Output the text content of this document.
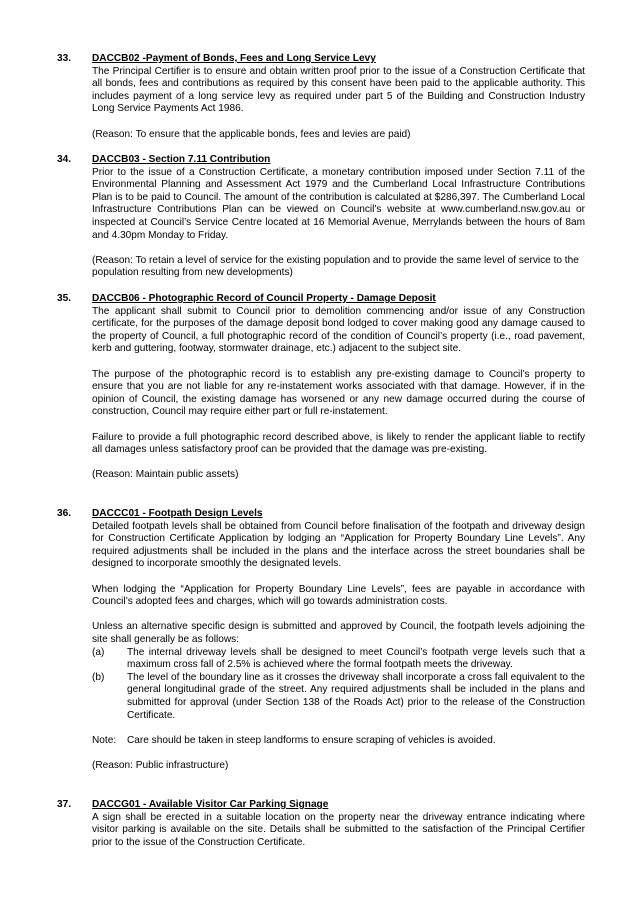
33.	DACCB02 -Payment of Bonds, Fees and Long Service Levy

The Principal Certifier is to ensure and obtain written proof prior to the issue of a Construction Certificate that all bonds, fees and contributions as required by this consent have been paid to the applicable authority. This includes payment of a long service levy as required under part 5 of the Building and Construction Industry Long Service Payments Act 1986.

(Reason: To ensure that the applicable bonds, fees and levies are paid)

34.	DACCB03 - Section 7.11 Contribution

Prior to the issue of a Construction Certificate, a monetary contribution imposed under Section 7.11 of the Environmental Planning and Assessment Act 1979 and the Cumberland Local Infrastructure Contributions Plan is to be paid to Council. The amount of the contribution is calculated at $286,397. The Cumberland Local Infrastructure Contributions Plan can be viewed on Council’s website at www.cumberland.nsw.gov.au or inspected at Council’s Service Centre located at 16 Memorial Avenue, Merrylands between the hours of 8am and 4.30pm Monday to Friday.

(Reason: To retain a level of service for the existing population and to provide the same level of service to the population resulting from new developments)

35.	DACCB06 - Photographic Record of Council Property - Damage Deposit

The applicant shall submit to Council prior to demolition commencing and/or issue of any Construction certificate, for the purposes of the damage deposit bond lodged to cover making good any damage caused to the property of Council, a full photographic record of the condition of Council’s property (i.e., road pavement, kerb and guttering, footway, stormwater drainage, etc.) adjacent to the subject site.

The purpose of the photographic record is to establish any pre-existing damage to Council’s property to ensure that you are not liable for any re-instatement works associated with that damage. However, if in the opinion of Council, the existing damage has worsened or any new damage occurred during the course of construction, Council may require either part or full re-instatement.

Failure to provide a full photographic record described above, is likely to render the applicant liable to rectify all damages unless satisfactory proof can be provided that the damage was pre-existing.

(Reason: Maintain public assets)

36.	DACCC01 - Footpath Design Levels

Detailed footpath levels shall be obtained from Council before finalisation of the footpath and driveway design for Construction Certificate Application by lodging an “Application for Property Boundary Line Levels”. Any required adjustments shall be included in the plans and the interface across the street boundaries shall be designed to incorporate smoothly the designated levels.

When lodging the “Application for Property Boundary Line Levels”, fees are payable in accordance with Council’s adopted fees and charges, which will go towards administration costs.

Unless an alternative specific design is submitted and approved by Council, the footpath levels adjoining the site shall generally be as follows:

(a) The internal driveway levels shall be designed to meet Council’s footpath verge levels such that a maximum cross fall of 2.5% is achieved where the formal footpath meets the driveway.
(b) The level of the boundary line as it crosses the driveway shall incorporate a cross fall equivalent to the general longitudinal grade of the street. Any required adjustments shall be included in the plans and submitted for approval (under Section 138 of the Roads Act) prior to the release of the Construction Certificate.
Note: Care should be taken in steep landforms to ensure scraping of vehicles is avoided.

(Reason: Public infrastructure)

37.	DACCG01 - Available Visitor Car Parking Signage

A sign shall be erected in a suitable location on the property near the driveway entrance indicating where visitor parking is available on the site. Details shall be submitted to the satisfaction of the Principal Certifier prior to the issue of the Construction Certificate.
